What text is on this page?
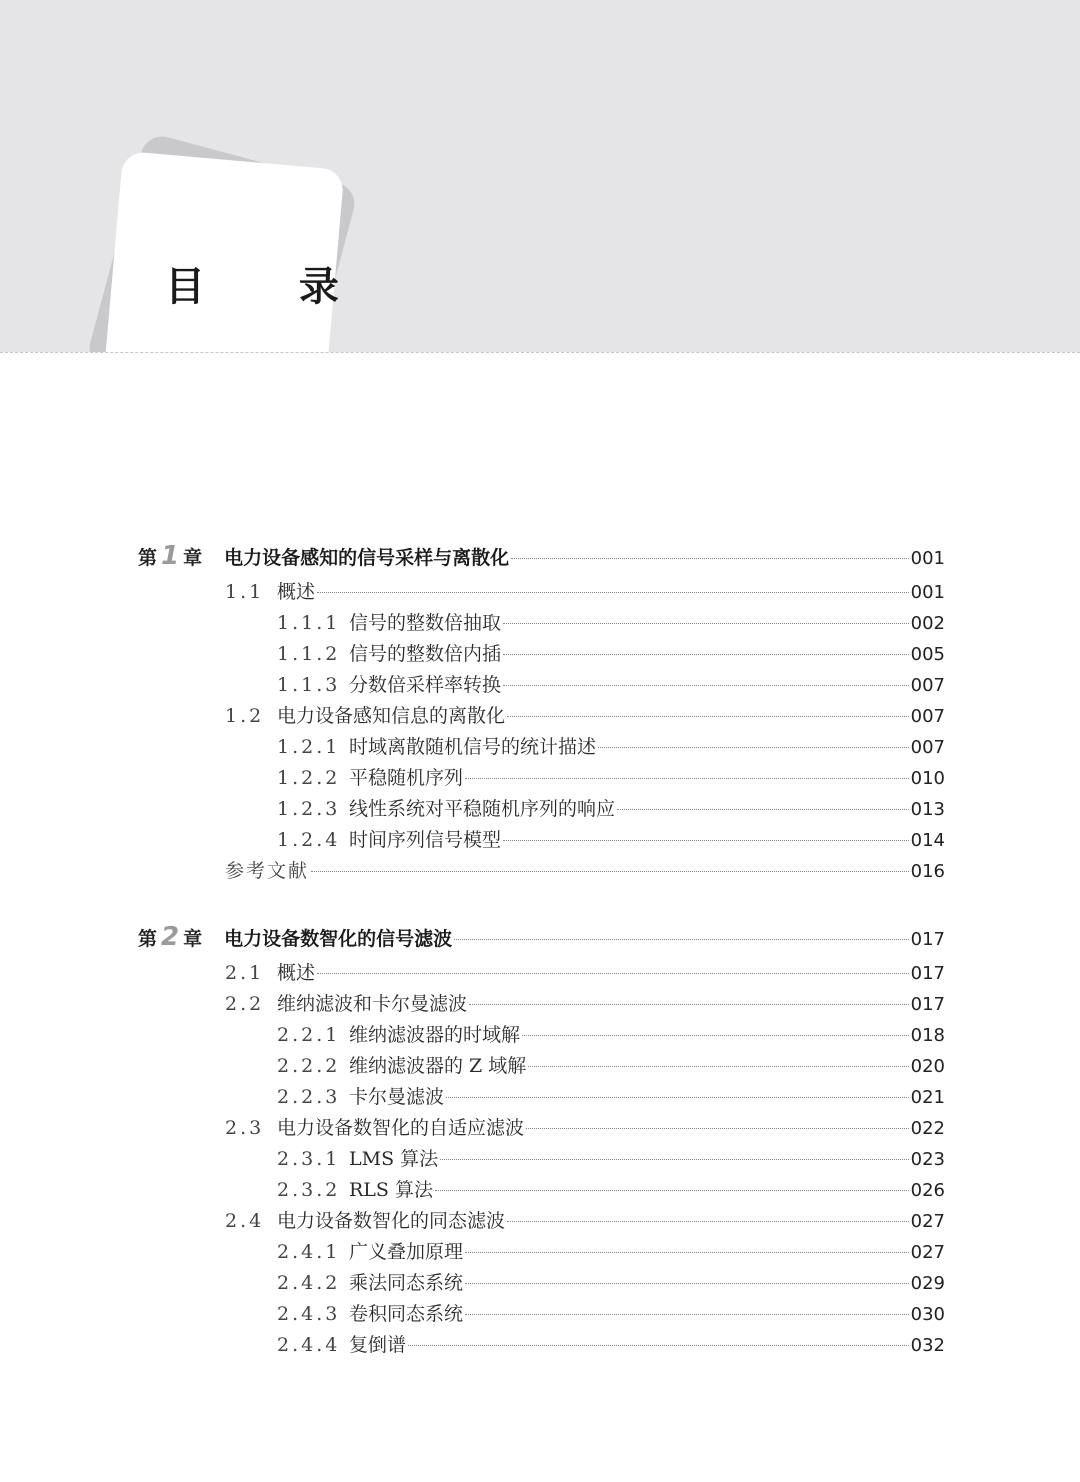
目 录
第 1 章 电力设备感知的信号采样与离散化	001
1.1 概述	001
1.1.1 信号的整数倍抽取	002
1.1.2 信号的整数倍内插	005
1.1.3 分数倍采样率转换	007
1.2 电力设备感知信息的离散化	007
1.2.1 时域离散随机信号的统计描述	007
1.2.2 平稳随机序列	010
1.2.3 线性系统对平稳随机序列的响应	013
1.2.4 时间序列信号模型	014
参考文献	016
第 2 章 电力设备数智化的信号滤波	017
2.1 概述	017
2.2 维纳滤波和卡尔曼滤波	017
2.2.1 维纳滤波器的时域解	018
2.2.2 维纳滤波器的 Z 域解	020
2.2.3 卡尔曼滤波	021
2.3 电力设备数智化的自适应滤波	022
2.3.1 LMS 算法	023
2.3.2 RLS 算法	026
2.4 电力设备数智化的同态滤波	027
2.4.1 广义叠加原理	027
2.4.2 乘法同态系统	029
2.4.3 卷积同态系统	030
2.4.4 复倒谱	032
